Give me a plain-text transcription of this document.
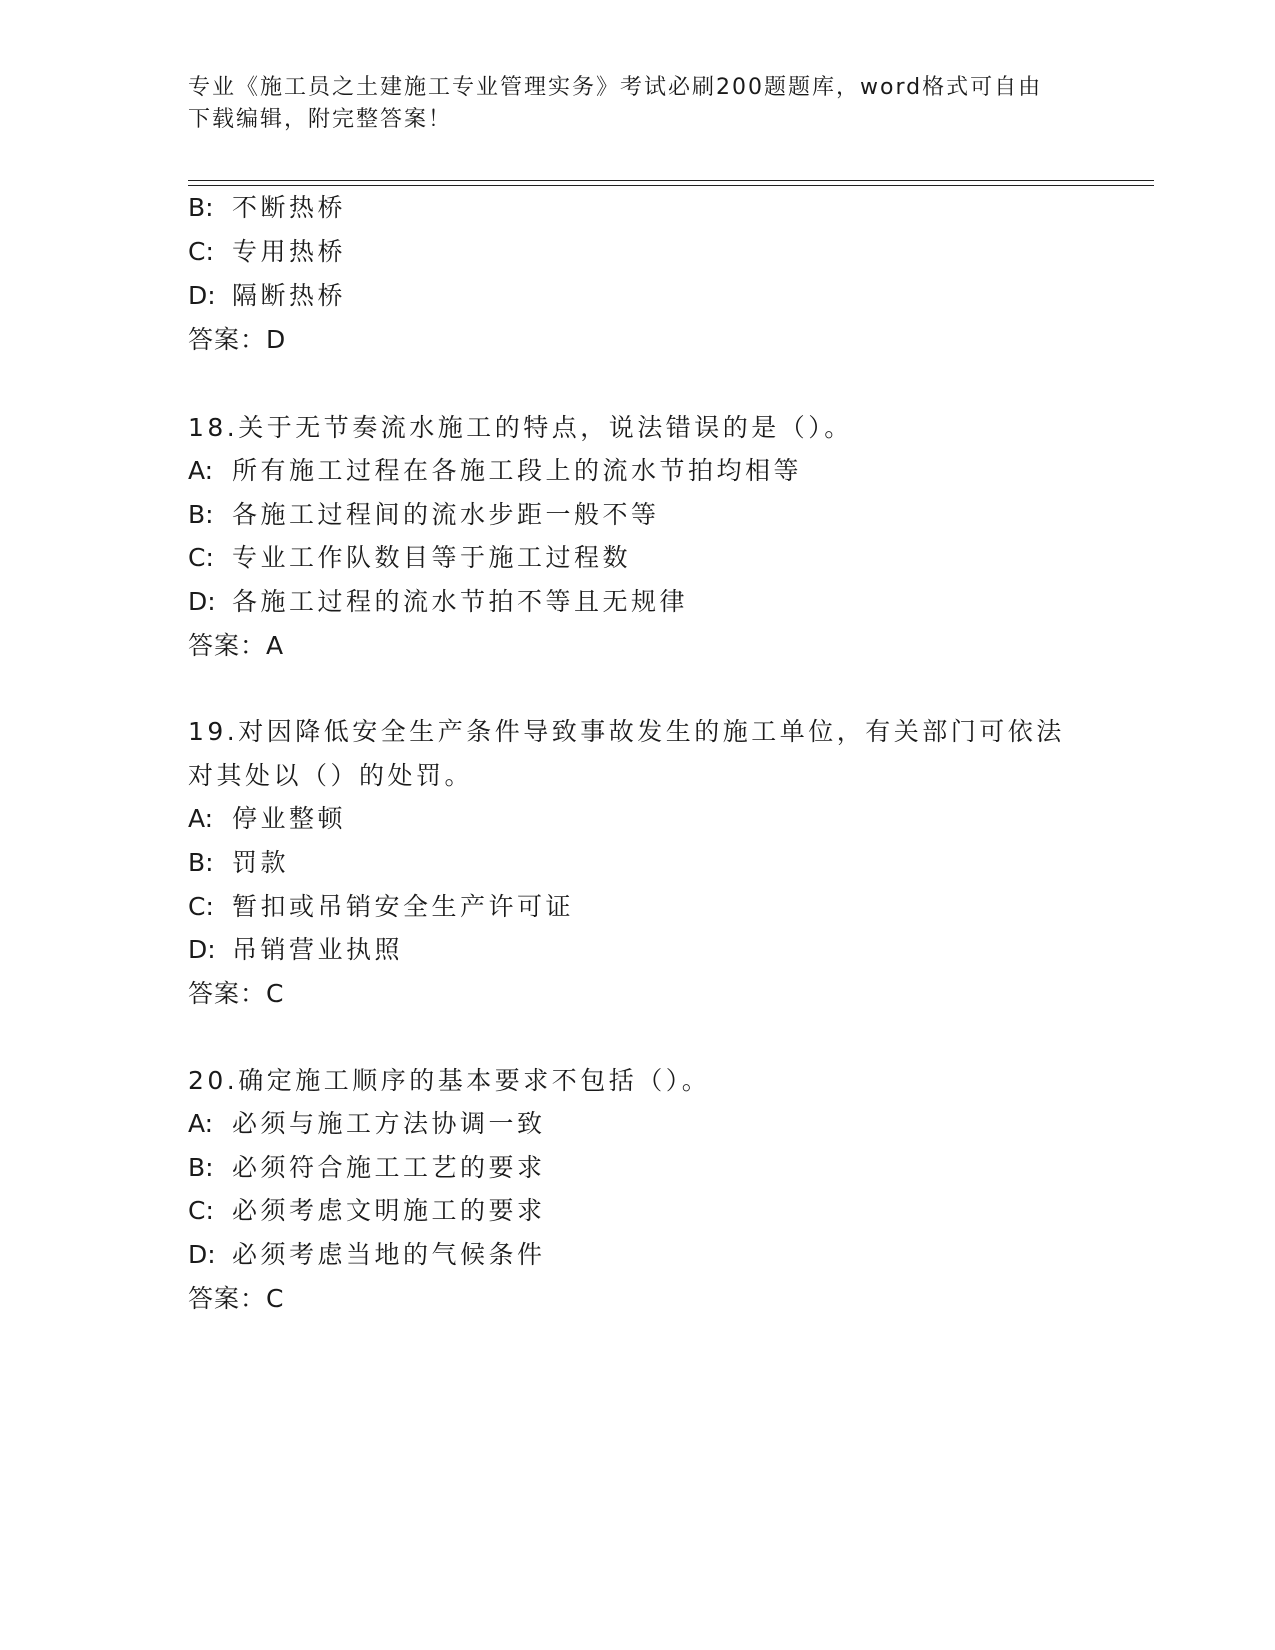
专业《施工员之土建施工专业管理实务》考试必刷200题题库，word格式可自由
下载编辑，附完整答案！
B: 不断热桥
C: 专用热桥
D: 隔断热桥
答案：D
18.关于无节奏流水施工的特点，说法错误的是（）。
A: 所有施工过程在各施工段上的流水节拍均相等
B: 各施工过程间的流水步距一般不等
C: 专业工作队数目等于施工过程数
D: 各施工过程的流水节拍不等且无规律
答案：A
19.对因降低安全生产条件导致事故发生的施工单位，有关部门可依法
对其处以（）的处罚。
A: 停业整顿
B: 罚款
C: 暂扣或吊销安全生产许可证
D: 吊销营业执照
答案：C
20.确定施工顺序的基本要求不包括（）。
A: 必须与施工方法协调一致
B: 必须符合施工工艺的要求
C: 必须考虑文明施工的要求
D: 必须考虑当地的气候条件
答案：C
